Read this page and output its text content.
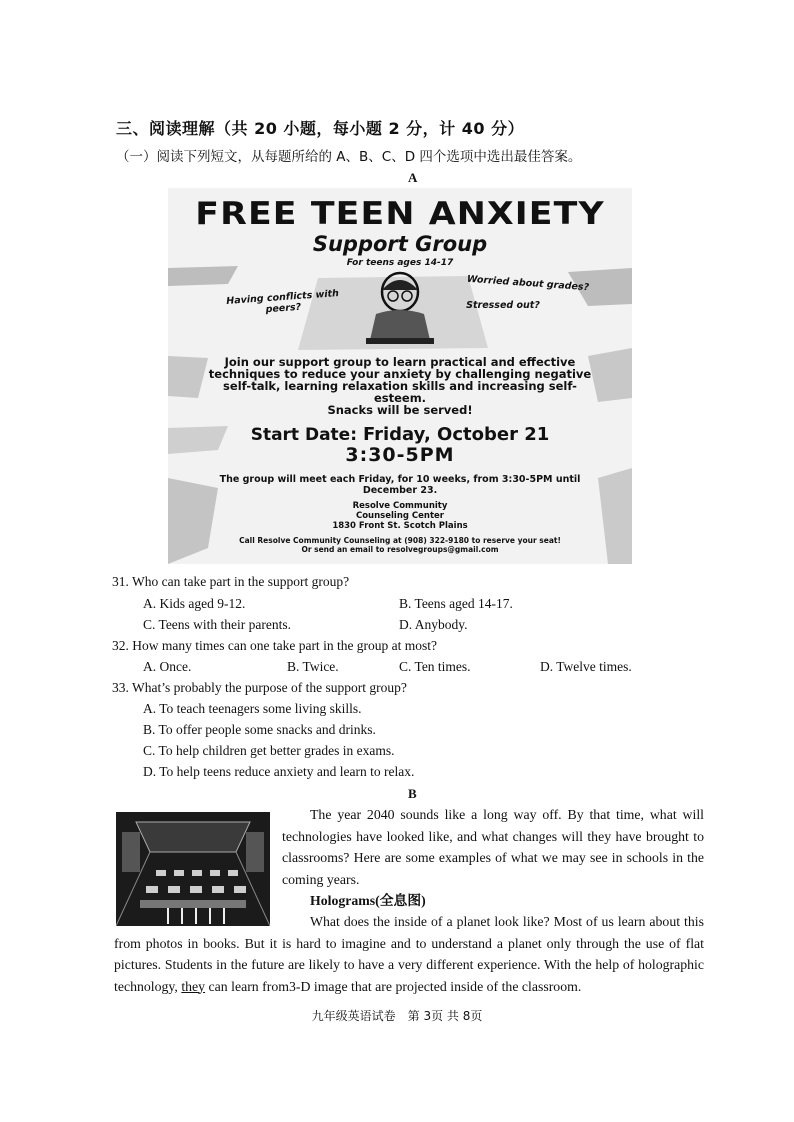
三、阅读理解（共 20 小题，每小题 2 分，计 40 分）
（一）阅读下列短文，从每题所给的 A、B、C、D 四个选项中选出最佳答案。
A
FREE TEEN ANXIETY
Support Group
For teens ages 14-17
Having conflicts with peers?
Worried about grades?
Stressed out?
Join our support group to learn practical and effective techniques to reduce your anxiety by challenging negative self-talk, learning relaxation skills and increasing self-esteem.
Snacks will be served!
Start Date: Friday, October 21
3:30-5PM
The group will meet each Friday, for 10 weeks, from 3:30-5PM until December 23.
Resolve Community
Counseling Center
1830 Front St. Scotch Plains
Call Resolve Community Counseling at (908) 322-9180 to reserve your seat!
Or send an email to resolvegroups@gmail.com
31. Who can take part in the support group?
A. Kids aged 9-12.	B. Teens aged 14-17.
C. Teens with their parents.	D. Anybody.
32. How many times can one take part in the group at most?
A. Once.	B. Twice.	C. Ten times.	D. Twelve times.
33. What’s probably the purpose of the support group?
A. To teach teenagers some living skills.
B. To offer people some snacks and drinks.
C. To help children get better grades in exams.
D. To help teens reduce anxiety and learn to relax.
B
The year 2040 sounds like a long way off. By that time, what will technologies have looked like, and what changes will they have brought to classrooms? Here are some examples of what we may see in schools in the coming years.
Holograms(全息图)
What does the inside of a planet look like? Most of us learn about this from photos in books. But it is hard to imagine and to understand a planet only through the use of flat pictures. Students in the future are likely to have a very different experience. With the help of holographic technology, they can learn from3-D image that are projected inside of the classroom.
九年级英语试卷　第 3页 共 8页
